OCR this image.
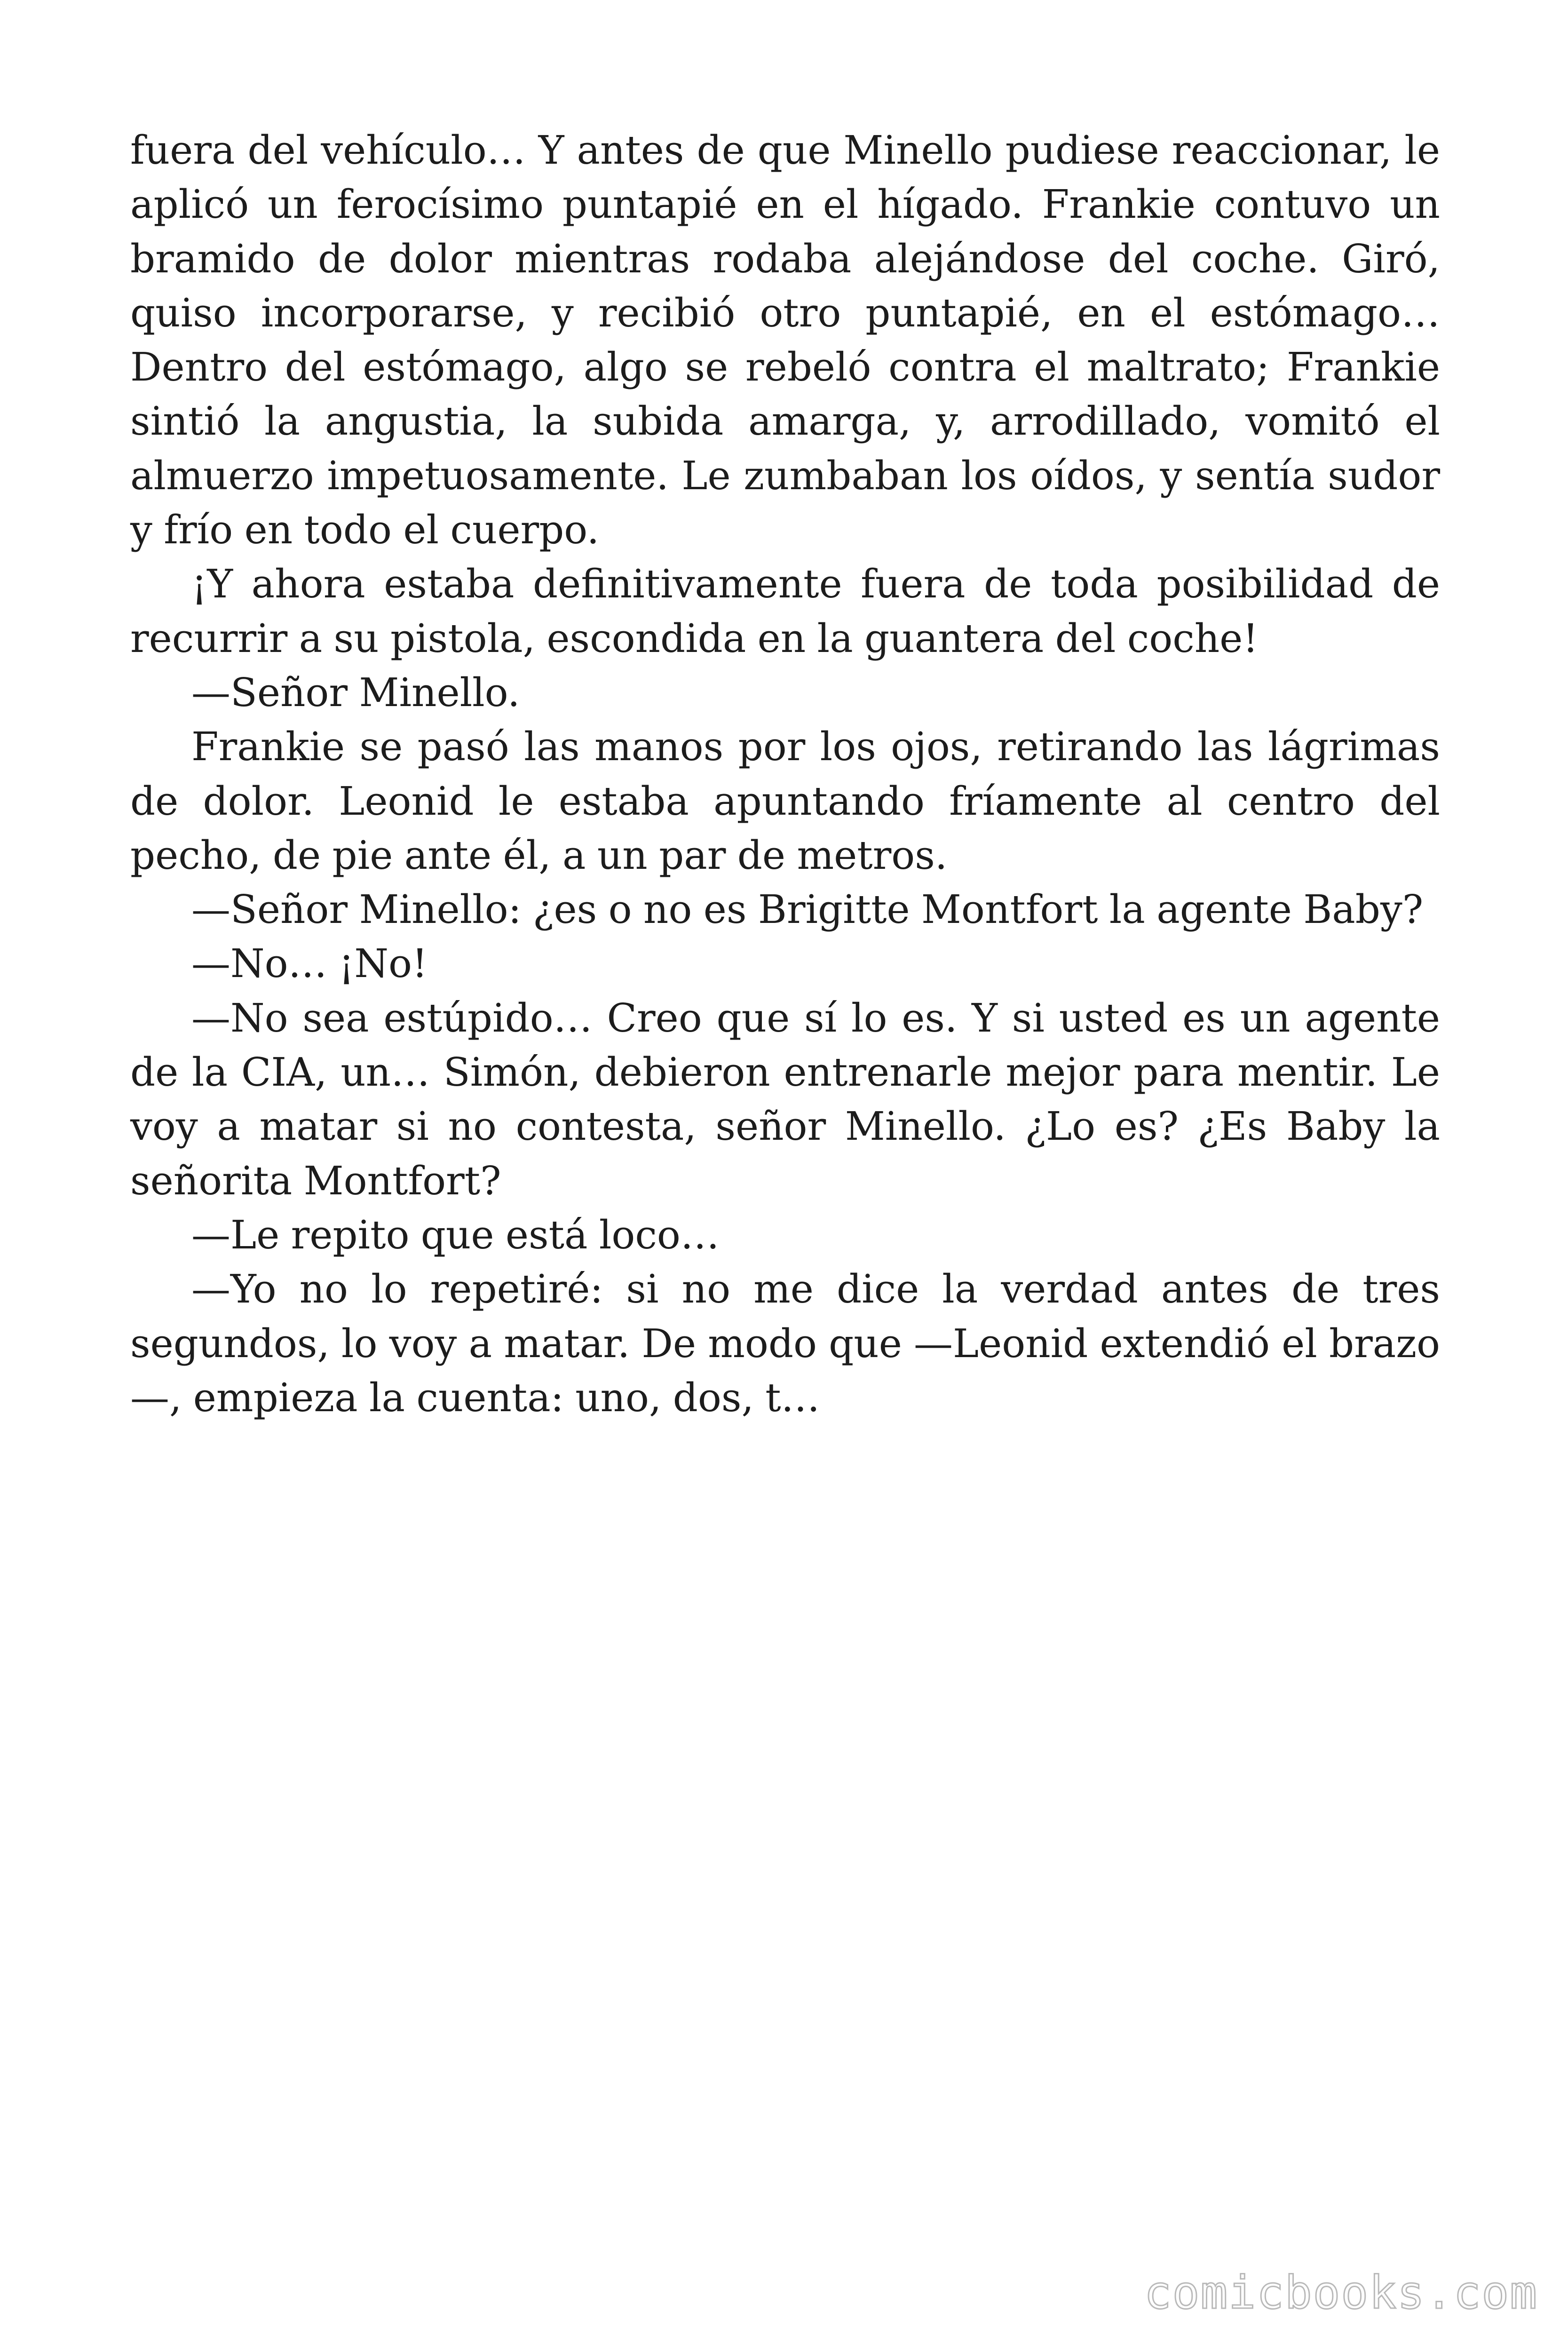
fuera del vehículo… Y antes de que Minello pudiese reaccionar, le aplicó un ferocísimo puntapié en el hígado. Frankie contuvo un bramido de dolor mientras rodaba alejándose del coche. Giró, quiso incorporarse, y recibió otro puntapié, en el estómago… Dentro del estómago, algo se rebeló contra el maltrato; Frankie sintió la angustia, la subida amarga, y, arrodillado, vomitó el almuerzo impetuosamente. Le zumbaban los oídos, y sentía sudor y frío en todo el cuerpo.

¡Y ahora estaba definitivamente fuera de toda posibilidad de recurrir a su pistola, escondida en la guantera del coche!

—Señor Minello.

Frankie se pasó las manos por los ojos, retirando las lágrimas de dolor. Leonid le estaba apuntando fríamente al centro del pecho, de pie ante él, a un par de metros.

—Señor Minello: ¿es o no es Brigitte Montfort la agente Baby?

—No… ¡No!

—No sea estúpido… Creo que sí lo es. Y si usted es un agente de la CIA, un… Simón, debieron entrenarle mejor para mentir. Le voy a matar si no contesta, señor Minello. ¿Lo es? ¿Es Baby la señorita Montfort?

—Le repito que está loco…

—Yo no lo repetiré: si no me dice la verdad antes de tres segundos, lo voy a matar. De modo que —Leonid extendió el brazo —, empieza la cuenta: uno, dos, t…

comicbooks.com
